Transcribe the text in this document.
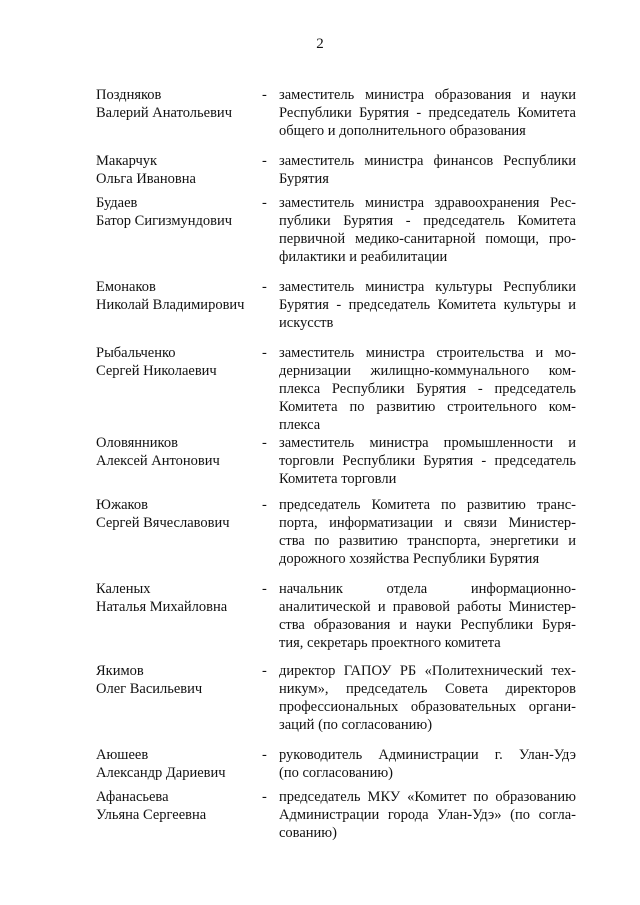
2
Поздняков
Валерий Анатольевич
- заместитель министра образования и науки
Республики Бурятия - председатель Комитета
общего и дополнительного образования
Макарчук
Ольга Ивановна
- заместитель министра финансов Республики
Бурятия
Будаев
Батор Сигизмундович
- заместитель министра здравоохранения Рес-
публики Бурятия - председатель Комитета
первичной медико-санитарной помощи, про-
филактики и реабилитации
Емонаков
Николай Владимирович
- заместитель министра культуры Республики
Бурятия - председатель Комитета культуры и
искусств
Рыбальченко
Сергей Николаевич
- заместитель министра строительства и мо-
дернизации жилищно-коммунального ком-
плекса Республики Бурятия - председатель
Комитета по развитию строительного ком-
плекса
Оловянников
Алексей Антонович
- заместитель министра промышленности и
торговли Республики Бурятия - председатель
Комитета торговли
Южаков
Сергей Вячеславович
- председатель Комитета по развитию транс-
порта, информатизации и связи Министер-
ства по развитию транспорта, энергетики и
дорожного хозяйства Республики Бурятия
Каленых
Наталья Михайловна
- начальник отдела информационно-
аналитической и правовой работы Министер-
ства образования и науки Республики Буря-
тия, секретарь проектного комитета
Якимов
Олег Васильевич
- директор ГАПОУ РБ «Политехнический тех-
никум», председатель Совета директоров
профессиональных образовательных органи-
заций (по согласованию)
Аюшеев
Александр Дариевич
- руководитель Администрации г. Улан-Удэ
(по согласованию)
Афанасьева
Ульяна Сергеевна
- председатель МКУ «Комитет по образованию
Администрации города Улан-Удэ» (по согла-
сованию)
